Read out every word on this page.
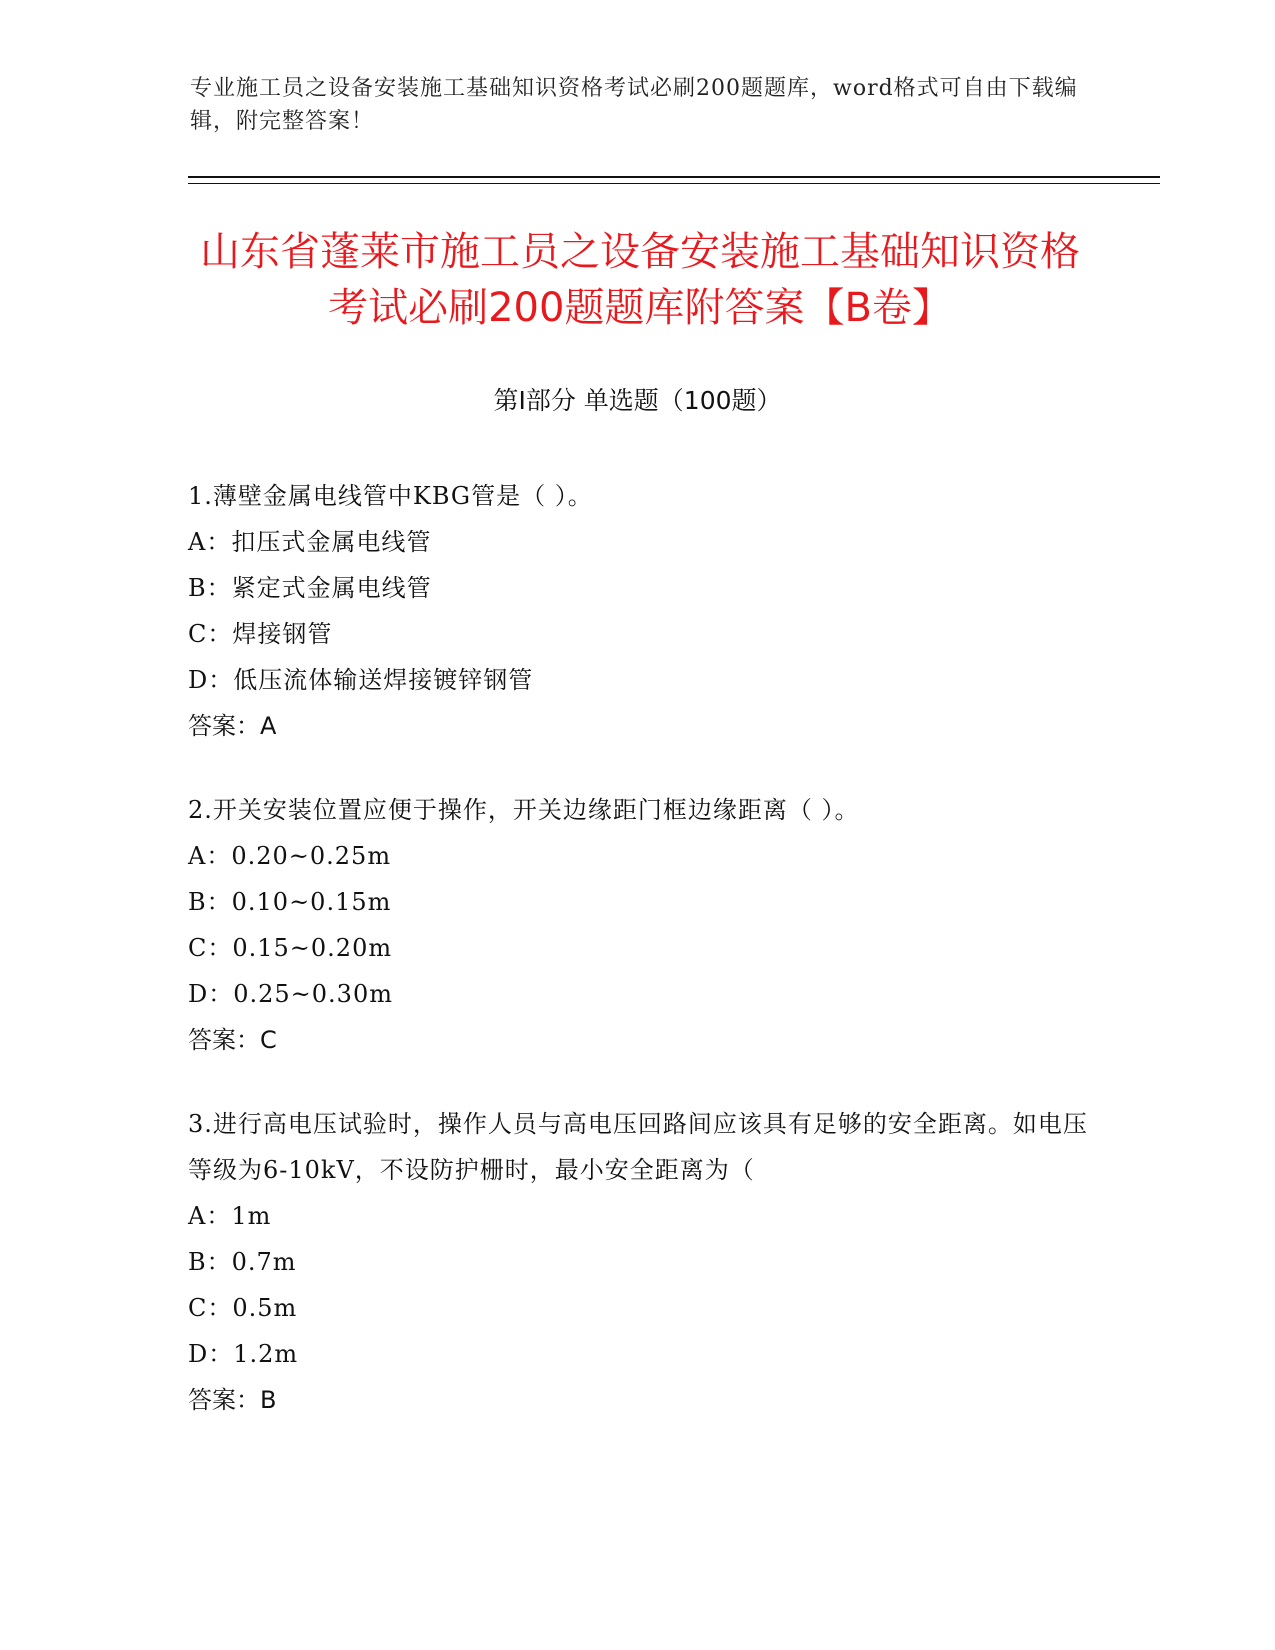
专业施工员之设备安装施工基础知识资格考试必刷200题题库，word格式可自由下载编辑，附完整答案！
山东省蓬莱市施工员之设备安装施工基础知识资格考试必刷200题题库附答案【B卷】
第Ⅰ部分 单选题（100题）
1.薄壁金属电线管中KBG管是（ ）。
A：扣压式金属电线管
B：紧定式金属电线管
C：焊接钢管
D：低压流体输送焊接镀锌钢管
答案：A
2.开关安装位置应便于操作，开关边缘距门框边缘距离（ ）。
A：0.20~0.25m
B：0.10~0.15m
C：0.15~0.20m
D：0.25~0.30m
答案：C
3.进行高电压试验时，操作人员与高电压回路间应该具有足够的安全距离。如电压等级为6-10kV，不设防护栅时，最小安全距离为（
A：1m
B：0.7m
C：0.5m
D：1.2m
答案：B
